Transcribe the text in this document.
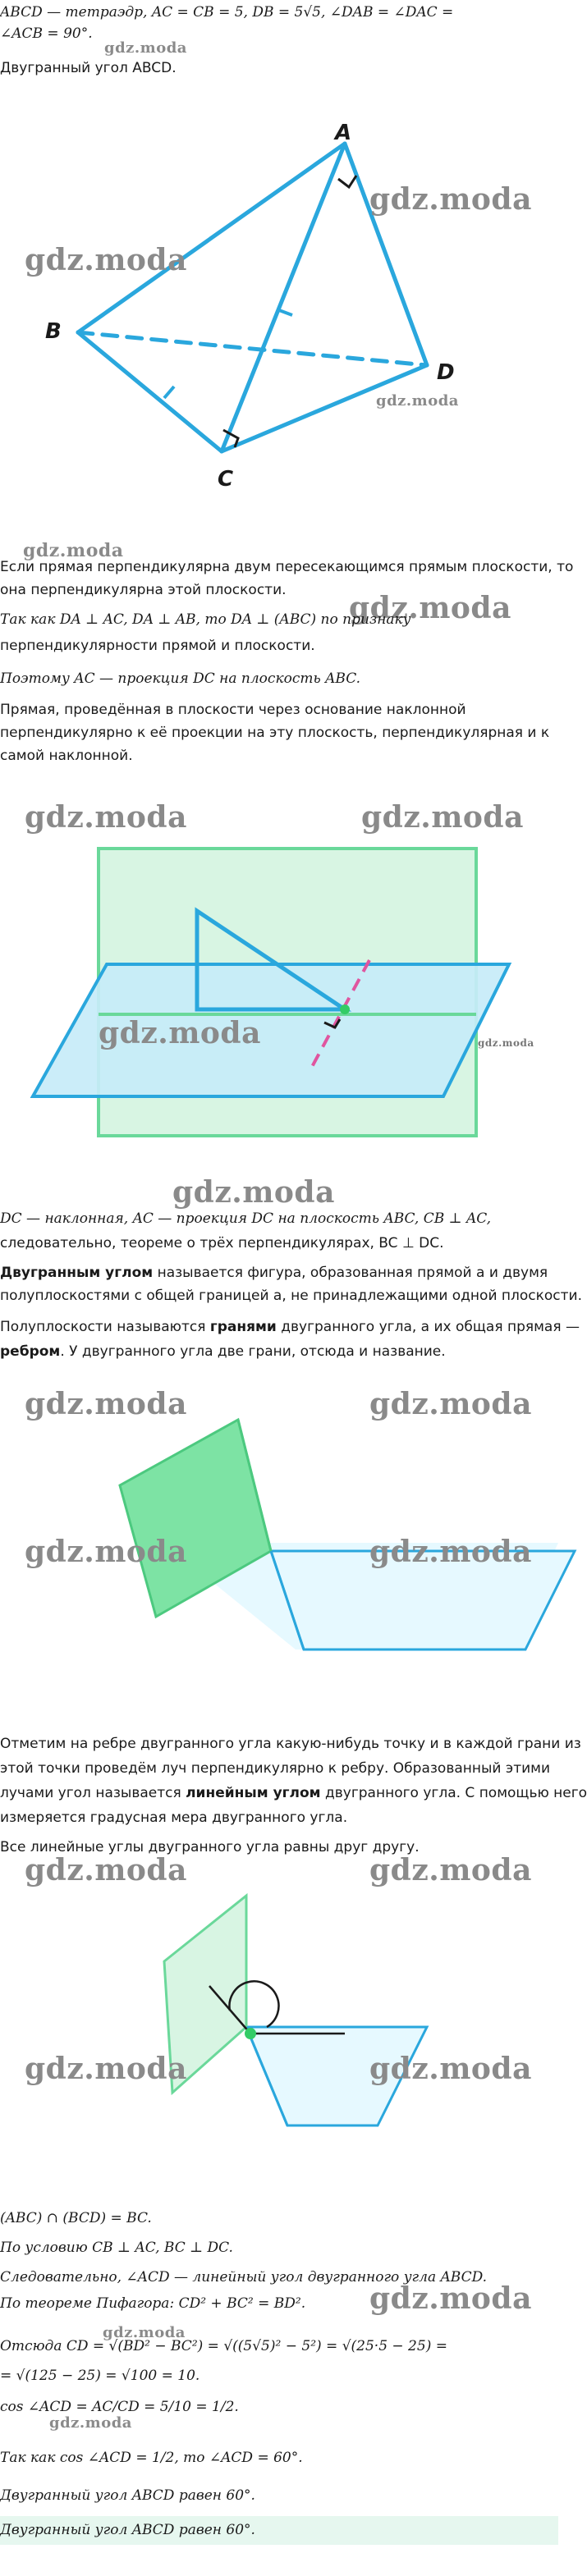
ABCD — тетраэдр, AC = CB = 5, DB = 5√5, ∠DAB = ∠DAC =
∠ACB = 90°.
gdz.moda
Двугранный угол ABCD.
A
B
C
D
gdz.moda
gdz.moda
gdz.moda
gdz.moda
Если прямая перпендикулярна двум пересекающимся прямым плоскости, то
она перпендикулярна этой плоскости.
gdz.moda
Так как DA ⊥ AC, DA ⊥ AB, то DA ⊥ (ABC) по признаку
перпендикулярности прямой и плоскости.
Поэтому AC — проекция DC на плоскость ABC.
Прямая, проведённая в плоскости через основание наклонной
перпендикулярно к её проекции на эту плоскость, перпендикулярная и к
самой наклонной.
gdz.moda	gdz.moda
gdz.moda	gdz.moda
gdz.moda
DC — наклонная, AC — проекция DC на плоскость ABC, CB ⊥ AC,
следовательно, теореме о трёх перпендикулярах, BC ⊥ DC.
Двугранным углом называется фигура, образованная прямой a и двумя
полуплоскостями с общей границей a, не принадлежащими одной плоскости.
Полуплоскости называются гранями двугранного угла, а их общая прямая —
ребром. У двугранного угла две грани, отсюда и название.
gdz.moda	gdz.moda
gdz.moda	gdz.moda
Отметим на ребре двугранного угла какую-нибудь точку и в каждой грани из
этой точки проведём луч перпендикулярно к ребру. Образованный этими
лучами угол называется линейным углом двугранного угла. С помощью него
измеряется градусная мера двугранного угла.
Все линейные углы двугранного угла равны друг другу.
gdz.moda	gdz.moda
gdz.moda	gdz.moda
(ABC) ∩ (BCD) = BC.
По условию CB ⊥ AC, BC ⊥ DC.
Следовательно, ∠ACD — линейный угол двугранного угла ABCD.
По теореме Пифагора: CD² + BC² = BD². gdz.moda
gdz.moda
Отсюда CD = √(BD² − BC²) = √((5√5)² − 5²) = √(25·5 − 25) =
= √(125 − 25) = √100 = 10.
cos ∠ACD = AC/CD = 5/10 = 1/2.
gdz.moda
Так как cos ∠ACD = 1/2, то ∠ACD = 60°.
Двугранный угол ABCD равен 60°.
Двугранный угол ABCD равен 60°.
